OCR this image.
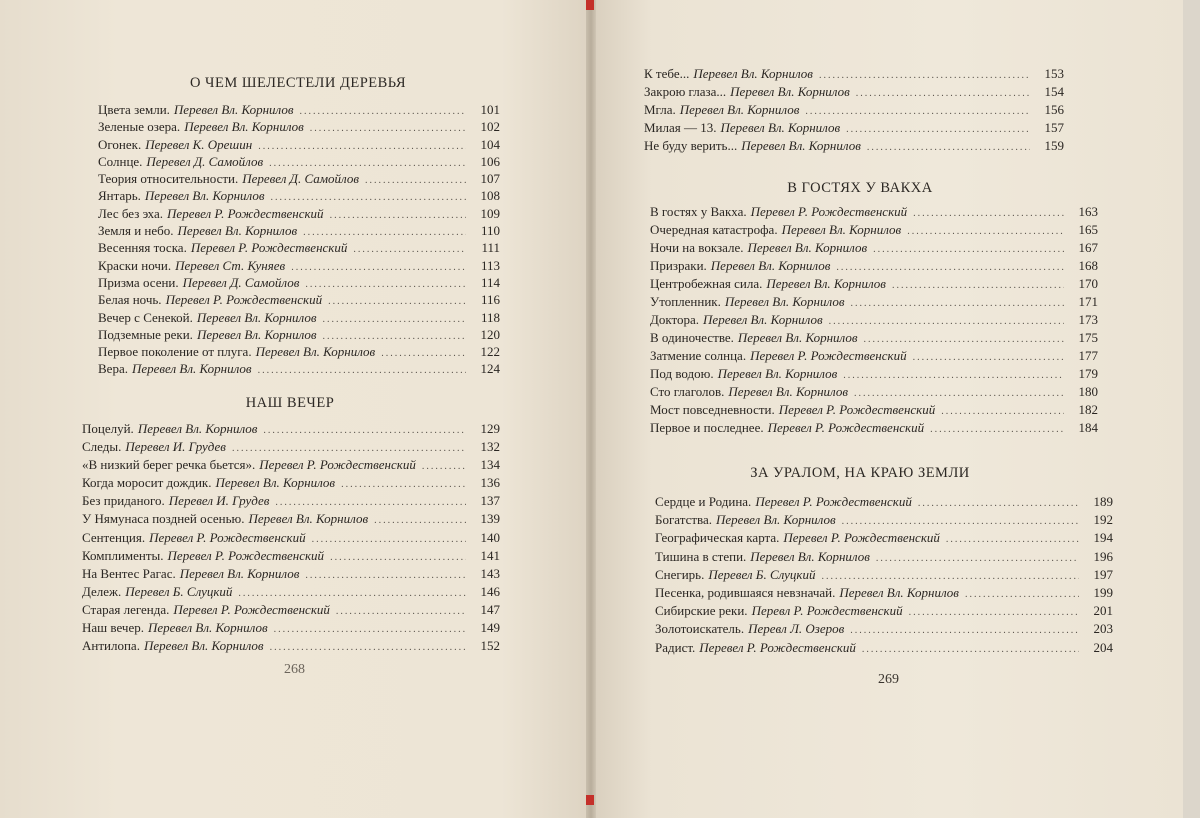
О ЧЕМ ШЕЛЕСТЕЛИ ДЕРЕВЬЯ
Цвета земли. Перевел Вл. Корнилов .....	101
Зеленые озера. Перевел Вл. Корнилов .....	102
Огонек. Перевел К. Орешин .....	104
Солнце. Перевел Д. Самойлов .....	106
Теория относительности. Перевел Д. Самойлов .....	107
Янтарь. Перевел Вл. Корнилов .....	108
Лес без эха. Перевел Р. Рождественский .....	109
Земля и небо. Перевел Вл. Корнилов .....	110
Весенняя тоска. Перевел Р. Рождественский .....	111
Краски ночи. Перевел Ст. Куняев .....	113
Призма осени. Перевел Д. Самойлов .....	114
Белая ночь. Перевел Р. Рождественский .....	116
Вечер с Сенекой. Перевел Вл. Корнилов .....	118
Подземные реки. Перевел Вл. Корнилов .....	120
Первое поколение от плуга. Перевел Вл. Корнилов .....	122
Вера. Перевел Вл. Корнилов .....	124
НАШ ВЕЧЕР
Поцелуй. Перевел Вл. Корнилов .....	129
Следы. Перевел И. Грудев .....	132
«В низкий берег речка бьется». Перевел Р. Рождественский .....	134
Когда моросит дождик. Перевел Вл. Корнилов .....	136
Без приданого. Перевел И. Грудев .....	137
У Нямунаса поздней осенью. Перевел Вл. Корнилов .....	139
Сентенция. Перевел Р. Рождественский .....	140
Комплименты. Перевел Р. Рождественский .....	141
На Вентес Рагас. Перевел Вл. Корнилов .....	143
Дележ. Перевел Б. Слуцкий .....	146
Старая легенда. Перевел Р. Рождественский .....	147
Наш вечер. Перевел Вл. Корнилов .....	149
Антилопа. Перевел Вл. Корнилов .....	152
268
К тебе... Перевел Вл. Корнилов .....	153
Закрою глаза... Перевел Вл. Корнилов .....	154
Мгла. Перевел Вл. Корнилов .....	156
Милая — 13. Перевел Вл. Корнилов .....	157
Не буду верить... Перевел Вл. Корнилов .....	159
В ГОСТЯХ У ВАКХА
В гостях у Вакха. Перевел Р. Рождественский .....	163
Очередная катастрофа. Перевел Вл. Корнилов .....	165
Ночи на вокзале. Перевел Вл. Корнилов .....	167
Призраки. Перевел Вл. Корнилов .....	168
Центробежная сила. Перевел Вл. Корнилов .....	170
Утопленник. Перевел Вл. Корнилов .....	171
Доктора. Перевел Вл. Корнилов .....	173
В одиночестве. Перевел Вл. Корнилов .....	175
Затмение солнца. Перевел Р. Рождественский .....	177
Под водою. Перевел Вл. Корнилов .....	179
Сто глаголов. Перевел Вл. Корнилов .....	180
Мост повседневности. Перевел Р. Рождественский .....	182
Первое и последнее. Перевел Р. Рождественский .....	184
ЗА УРАЛОМ, НА КРАЮ ЗЕМЛИ
Сердце и Родина. Перевел Р. Рождественский .....	189
Богатства. Перевел Вл. Корнилов .....	192
Географическая карта. Перевел Р. Рождественский .....	194
Тишина в степи. Перевел Вл. Корнилов .....	196
Снегирь. Перевел Б. Слуцкий .....	197
Песенка, родившаяся невзначай. Перевел Вл. Корнилов .....	199
Сибирские реки. Перевл Р. Рождественский .....	201
Золотоискатель. Перевл Л. Озеров .....	203
Радист. Перевел Р. Рождественский .....	204
269
